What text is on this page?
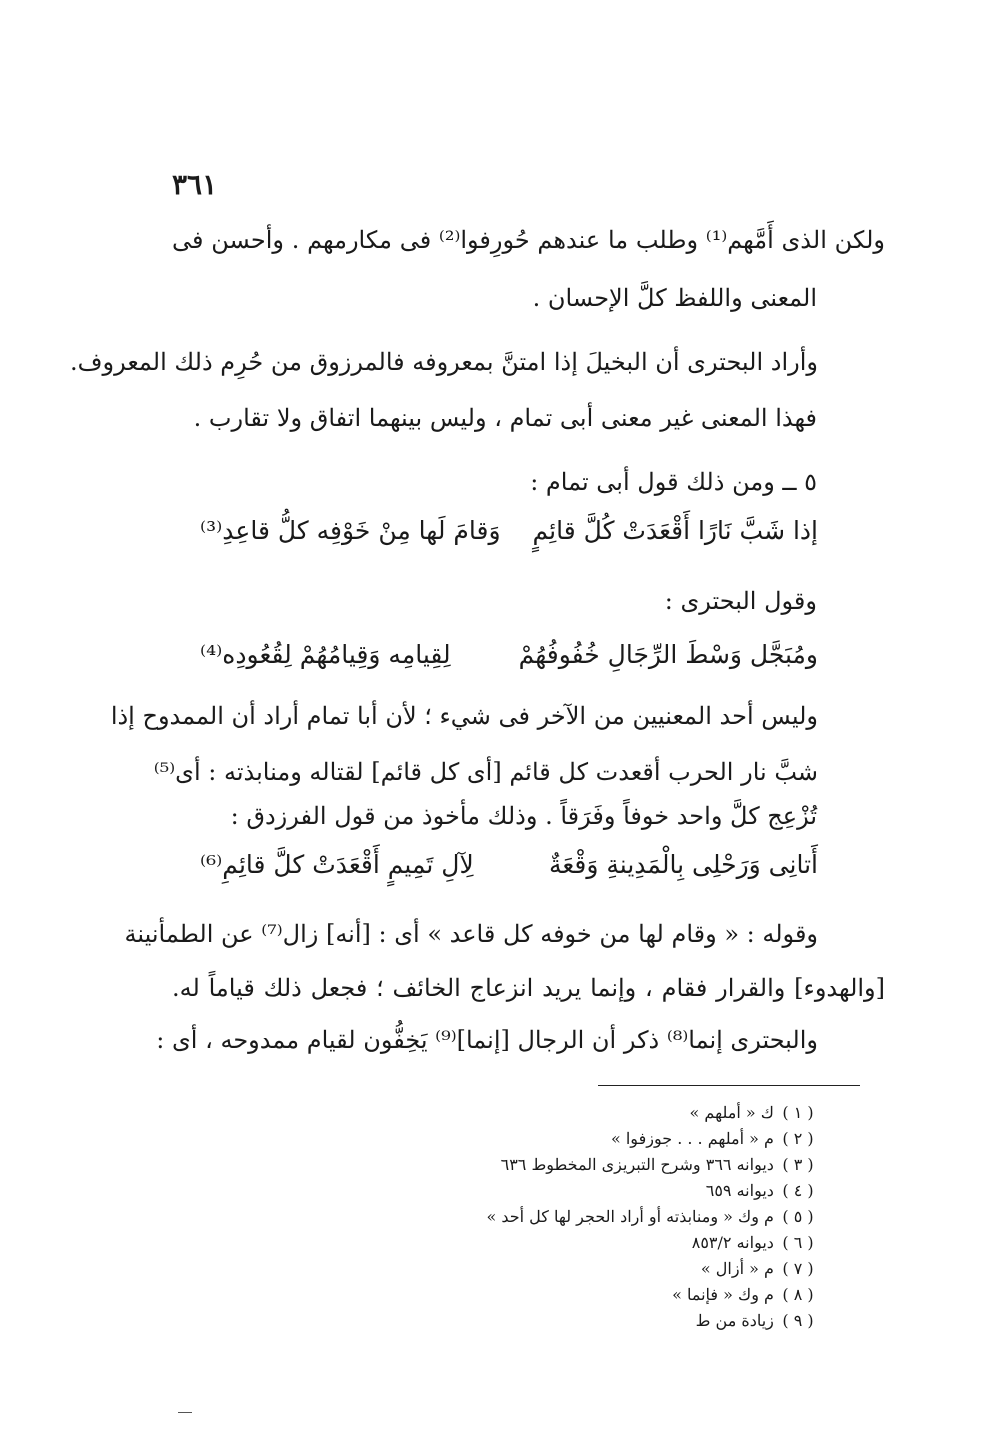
٣٦١
ولكن الذى أَمَّهم⁽¹⁾ وطلب ما عندهم حُورِفوا⁽²⁾ فى مكارمهم . وأحسن فى
المعنى واللفظ كلَّ الإحسان .
وأراد البحترى أن البخيلَ إذا امتنَّ بمعروفه فالمرزوق من حُرِم ذلك المعروف.
فهذا المعنى غير معنى أبى تمام ، وليس بينهما اتفاق ولا تقارب .
٥ ــ ومن ذلك قول أبى تمام :
إذا شَبَّ نَارًا أَقْعَدَتْ كُلَّ قائِمٍ
وَقامَ لَها مِنْ خَوْفِه كلُّ قاعِدِ⁽³⁾
وقول البحترى :
ومُبَجَّل وَسْطَ الرِّجَالِ خُفُوفُهُمْ
لِقِيامِه وَقِيامُهُمْ لِقُعُودِه⁽⁴⁾
وليس أحد المعنيين من الآخر فى شيء ؛ لأن أبا تمام أراد أن الممدوح إذا
شبَّ نار الحرب أقعدت كل قائم [أى كل قائم] لقتاله ومنابذته : أى⁽⁵⁾
تُزْعِج كلَّ واحد خوفاً وفَرَقاً . وذلك مأخوذ من قول الفرزدق :
أَتانِى وَرَحْلِى بِالْمَدِينةِ وَقْعَةٌ
لِآلِ تَمِيمٍ أَقْعَدَتْ كلَّ قائِمِ⁽⁶⁾
وقوله : « وقام لها من خوفه كل قاعد » أى : [أنه] زال⁽⁷⁾ عن الطمأنينة
[والهدوء] والقرار فقام ، وإنما يريد انزعاج الخائف ؛ فجعل ذلك قياماً له.
والبحترى إنما⁽⁸⁾ ذكر أن الرجال [إنما]⁽⁹⁾ يَخِفُّون لقيام ممدوحه ، أى :
( ١ ) ك « أملهم »
( ٢ ) م « أملهم . . . جوزفوا »
( ٣ ) ديوانه ٣٦٦ وشرح التبريزى المخطوط ٦٣٦
( ٤ ) ديوانه ٦٥٩
( ٥ ) م وك « ومنابذته أو أراد الحجر لها كل أحد »
( ٦ ) ديوانه ٨٥٣/٢
( ٧ ) م « أزال »
( ٨ ) م وك « فإنما »
( ٩ ) زيادة من ط
